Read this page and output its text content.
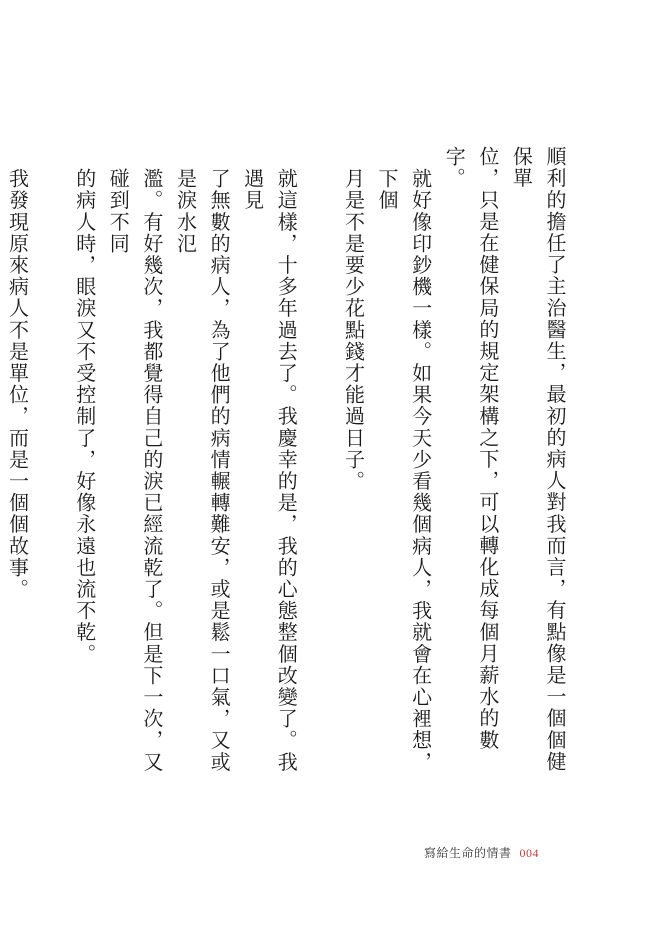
順利的擔任了主治醫生，最初的病人對我而言，有點像是一個個健保單
位，只是在健保局的規定架構之下，可以轉化成每個月薪水的數字。

就好像印鈔機一樣。如果今天少看幾個病人，我就會在心裡想，下個
月是不是要少花點錢才能過日子。

就這樣，十多年過去了。我慶幸的是，我的心態整個改變了。我遇見
了無數的病人，為了他們的病情輾轉難安，或是鬆一口氣，又或是淚水氾
濫。有好幾次，我都覺得自己的淚已經流乾了。但是下一次，又碰到不同
的病人時，眼淚又不受控制了，好像永遠也流不乾。

我發現原來病人不是單位，而是一個個故事。

寫給生命的情書 004
